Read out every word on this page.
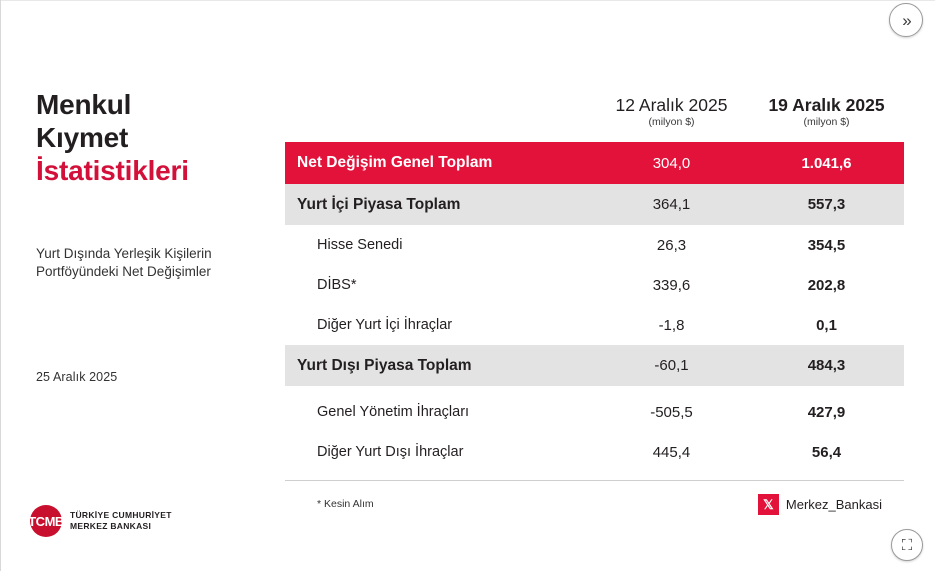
»
⛶
Menkul
Kıymet
İstatistikleri
Yurt Dışında Yerleşik Kişilerin Portföyündeki Net Değişimler
25 Aralık 2025
TCMB TÜRKİYE CUMHURİYET
MERKEZ BANKASI
12 Aralık 2025
(milyon $)
19 Aralık 2025
(milyon $)
Net Değişim Genel Toplam	304,0	1.041,6
Yurt İçi Piyasa Toplam	364,1	557,3
Hisse Senedi	26,3	354,5
DİBS*	339,6	202,8
Diğer Yurt İçi İhraçlar	-1,8	0,1
Yurt Dışı Piyasa Toplam	-60,1	484,3
Genel Yönetim İhraçları	-505,5	427,9
Diğer Yurt Dışı İhraçlar	445,4	56,4
* Kesin Alım	𝕏 Merkez_Bankasi
